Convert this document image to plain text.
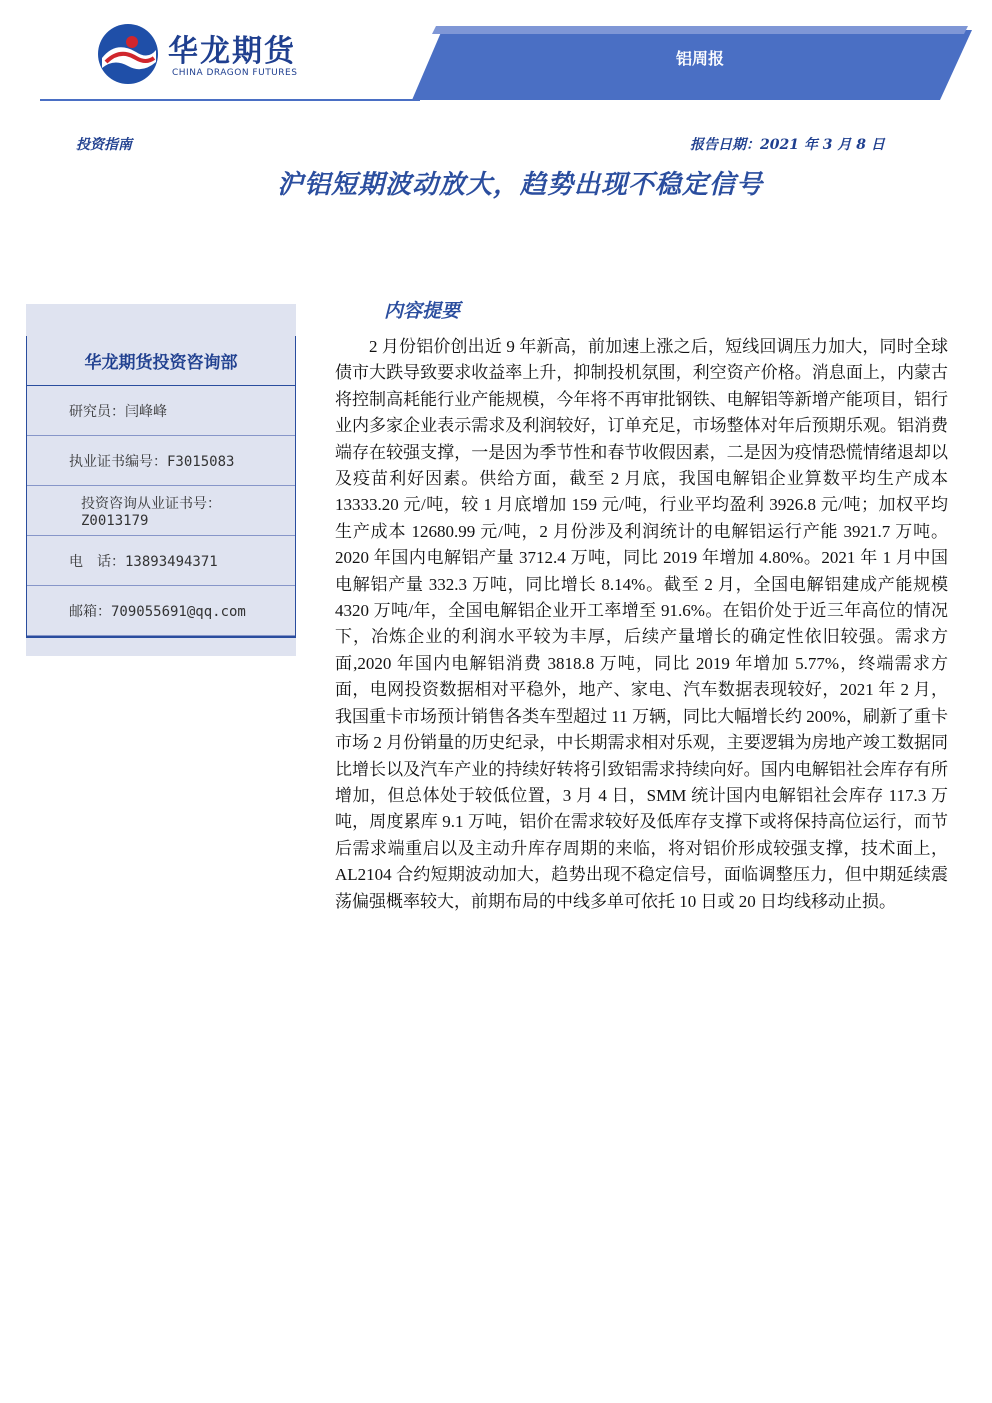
华龙期货
CHINA DRAGON FUTURES
铝周报
投资指南	报告日期：2021 年 3 月 8 日
沪铝短期波动放大，趋势出现不稳定信号
华龙期货投资咨询部
研究员：闫峰峰
执业证书编号：F3015083
投资咨询从业证书号：Z0013179
电　话：13893494371
邮箱：709055691@qq.com
内容提要
2 月份铝价创出近 9 年新高，前加速上涨之后，短线回调压力加大，同时全球债市大跌导致要求收益率上升，抑制投机氛围，利空资产价格。消息面上，内蒙古将控制高耗能行业产能规模，今年将不再审批钢铁、电解铝等新增产能项目，铝行业内多家企业表示需求及利润较好，订单充足，市场整体对年后预期乐观。铝消费端存在较强支撑，一是因为季节性和春节收假因素，二是因为疫情恐慌情绪退却以及疫苗利好因素。供给方面，截至 2 月底，我国电解铝企业算数平均生产成本 13333.20 元/吨，较 1 月底增加 159 元/吨，行业平均盈利 3926.8 元/吨；加权平均生产成本 12680.99 元/吨，2 月份涉及利润统计的电解铝运行产能 3921.7 万吨。2020 年国内电解铝产量 3712.4 万吨，同比 2019 年增加 4.80%。2021 年 1 月中国电解铝产量 332.3 万吨，同比增长 8.14%。截至 2 月，全国电解铝建成产能规模 4320 万吨/年，全国电解铝企业开工率增至 91.6%。在铝价处于近三年高位的情况下，冶炼企业的利润水平较为丰厚，后续产量增长的确定性依旧较强。需求方面,2020 年国内电解铝消费 3818.8 万吨，同比 2019 年增加 5.77%，终端需求方面，电网投资数据相对平稳外，地产、家电、汽车数据表现较好，2021 年 2 月，我国重卡市场预计销售各类车型超过 11 万辆，同比大幅增长约 200%，刷新了重卡市场 2 月份销量的历史纪录，中长期需求相对乐观，主要逻辑为房地产竣工数据同比增长以及汽车产业的持续好转将引致铝需求持续向好。国内电解铝社会库存有所增加，但总体处于较低位置，3 月 4 日，SMM 统计国内电解铝社会库存 117.3 万吨，周度累库 9.1 万吨，铝价在需求较好及低库存支撑下或将保持高位运行，而节后需求端重启以及主动升库存周期的来临，将对铝价形成较强支撑，技术面上，AL2104 合约短期波动加大，趋势出现不稳定信号，面临调整压力，但中期延续震荡偏强概率较大，前期布局的中线多单可依托 10 日或 20 日均线移动止损。
